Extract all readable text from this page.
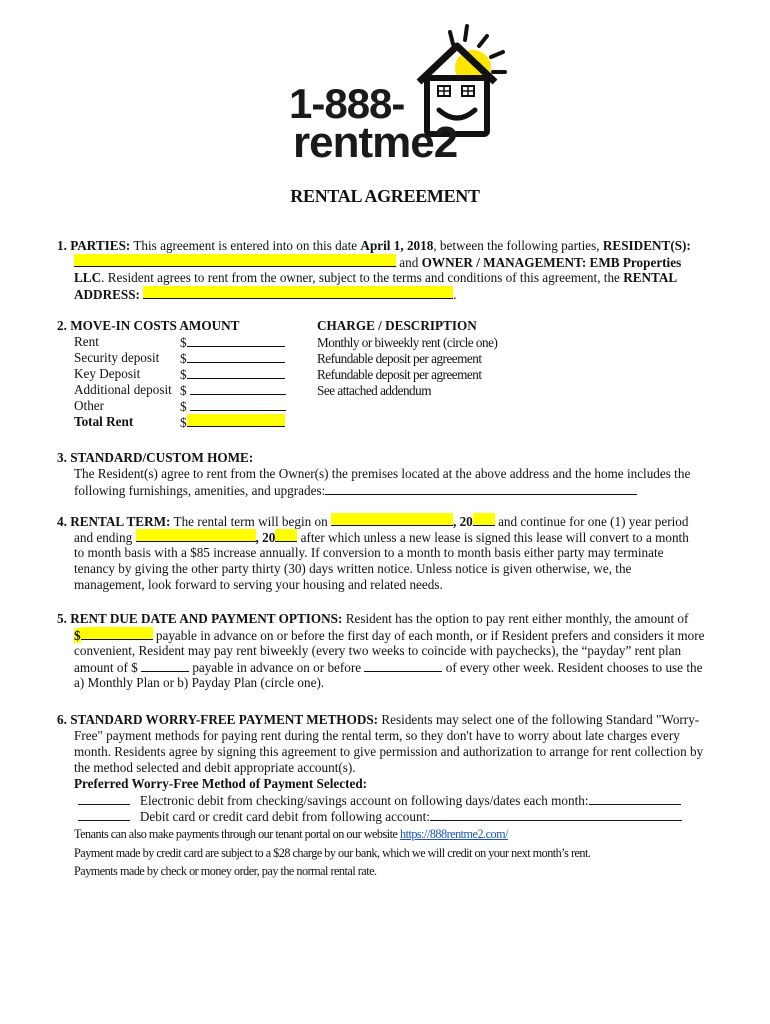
1-888-
rentme2
RENTAL AGREEMENT
1. PARTIES: This agreement is entered into on this date April 1, 2018, between the following parties, RESIDENT(S):
and OWNER / MANAGEMENT: EMB Properties
LLC. Resident agrees to rent from the owner, subject to the terms and conditions of this agreement, the RENTAL
ADDRESS:	.
2. MOVE-IN COSTS AMOUNT	CHARGE / DESCRIPTION
Rent	$	Monthly or biweekly rent (circle one)
Security deposit $	Refundable deposit per agreement
Key Deposit	$	Refundable deposit per agreement
Additional deposit $	See attached addendum
Other	$
Total Rent	$
3. STANDARD/CUSTOM HOME:
The Resident(s) agree to rent from the Owner(s) the premises located at the above address and the home includes the
following furnishings, amenities, and upgrades:
4. RENTAL TERM: The rental term will begin on	, 20 and continue for one (1) year period
and ending	, 20 after which unless a new lease is signed this lease will convert to a month
to month basis with a $85 increase annually. If conversion to a month to month basis either party may terminate
tenancy by giving the other party thirty (30) days written notice. Unless notice is given otherwise, we, the
management, look forward to serving your housing and related needs.
5. RENT DUE DATE AND PAYMENT OPTIONS: Resident has the option to pay rent either monthly, the amount of
$	payable in advance on or before the first day of each month, or if Resident prefers and considers it more
convenient, Resident may pay rent biweekly (every two weeks to coincide with paychecks), the “payday” rent plan
amount of $	payable in advance on or before	of every other week. Resident chooses to use the
a) Monthly Plan or b) Payday Plan (circle one).
6. STANDARD WORRY-FREE PAYMENT METHODS: Residents may select one of the following Standard "Worry-
Free" payment methods for paying rent during the rental term, so they don't have to worry about late charges every
month. Residents agree by signing this agreement to give permission and authorization to arrange for rent collection by
the method selected and debit appropriate account(s).
Preferred Worry-Free Method of Payment Selected:
Electronic debit from checking/savings account on following days/dates each month:
Debit card or credit card debit from following account:
Tenants can also make payments through our tenant portal on our website https://888rentme2.com/
Payment made by credit card are subject to a $28 charge by our bank, which we will credit on your next month’s rent.
Payments made by check or money order, pay the normal rental rate.
